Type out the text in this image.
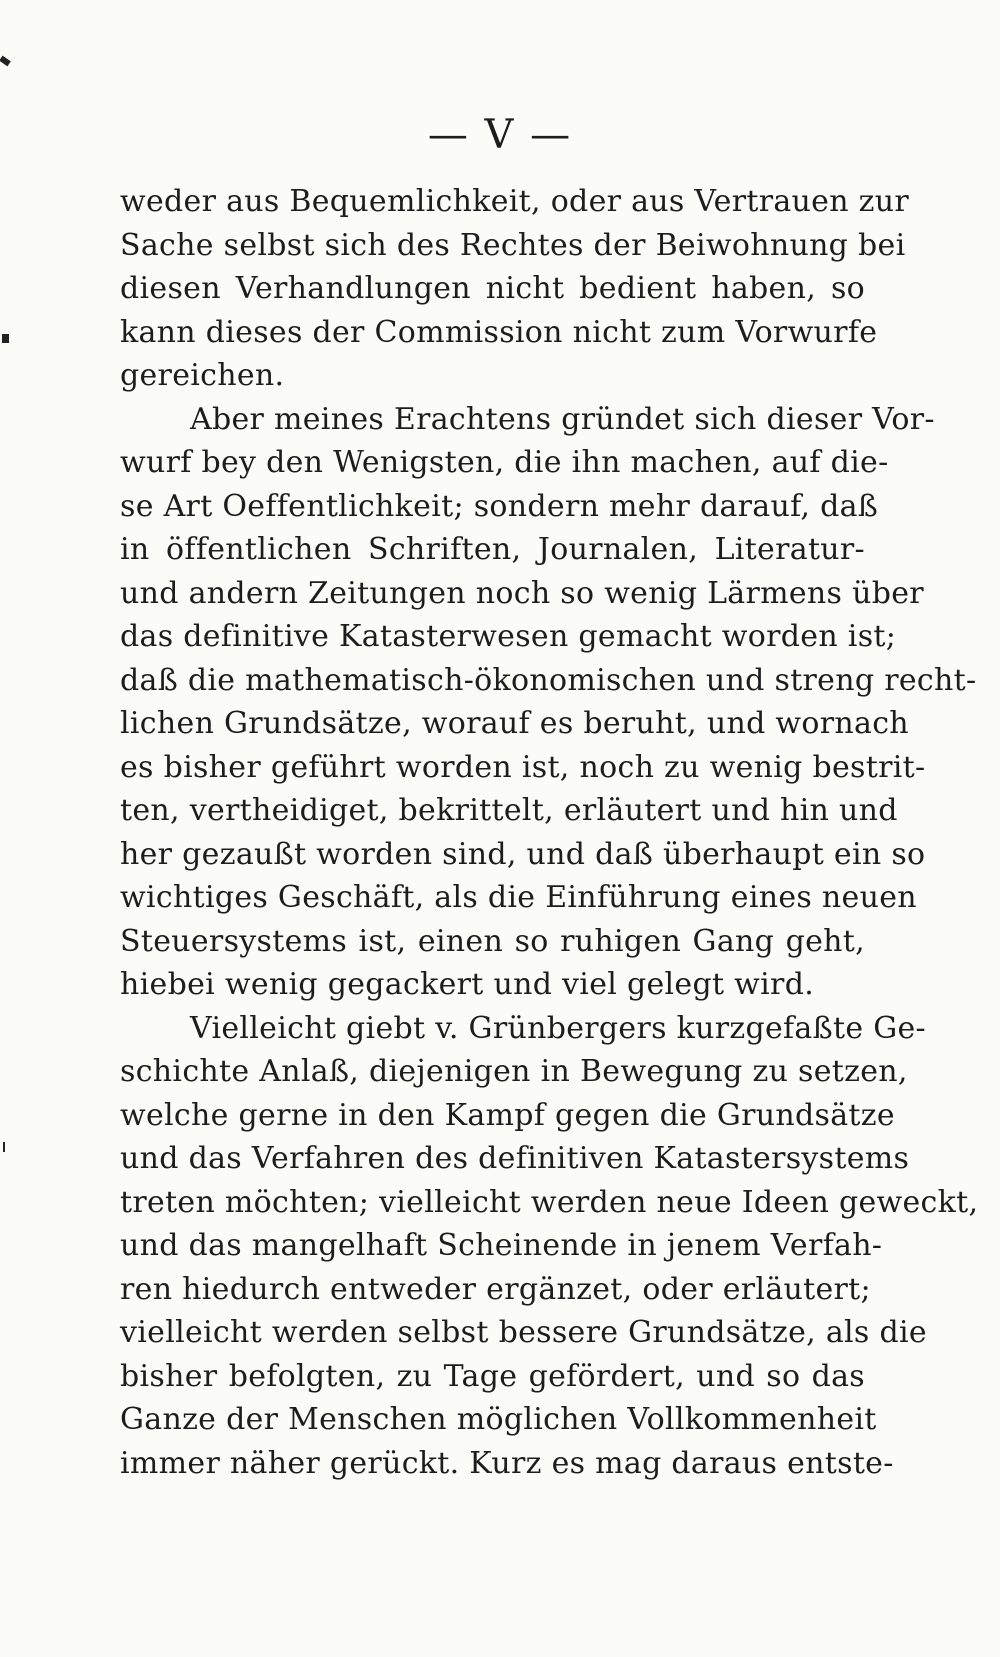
— V —
weder aus Bequemlichkeit, oder aus Vertrauen zur
Sache selbst sich des Rechtes der Beiwohnung bei
diesen Verhandlungen nicht bedient haben, so
kann dieses der Commission nicht zum Vorwurfe
gereichen.
Aber meines Erachtens gründet sich dieser Vor-
wurf bey den Wenigsten, die ihn machen, auf die-
se Art Oeffentlichkeit; sondern mehr darauf, daß
in öffentlichen Schriften, Journalen, Literatur-
und andern Zeitungen noch so wenig Lärmens über
das definitive Katasterwesen gemacht worden ist;
daß die mathematisch-ökonomischen und streng recht-
lichen Grundsätze, worauf es beruht, und wornach
es bisher geführt worden ist, noch zu wenig bestrit-
ten, vertheidiget, bekrittelt, erläutert und hin und
her gezaußt worden sind, und daß überhaupt ein so
wichtiges Geschäft, als die Einführung eines neuen
Steuersystems ist, einen so ruhigen Gang geht,
hiebei wenig gegackert und viel gelegt wird.
Vielleicht giebt v. Grünbergers kurzgefaßte Ge-
schichte Anlaß, diejenigen in Bewegung zu setzen,
welche gerne in den Kampf gegen die Grundsätze
und das Verfahren des definitiven Katastersystems
treten möchten; vielleicht werden neue Ideen geweckt,
und das mangelhaft Scheinende in jenem Verfah-
ren hiedurch entweder ergänzet, oder erläutert;
vielleicht werden selbst bessere Grundsätze, als die
bisher befolgten, zu Tage gefördert, und so das
Ganze der Menschen möglichen Vollkommenheit
immer näher gerückt. Kurz es mag daraus entste-
